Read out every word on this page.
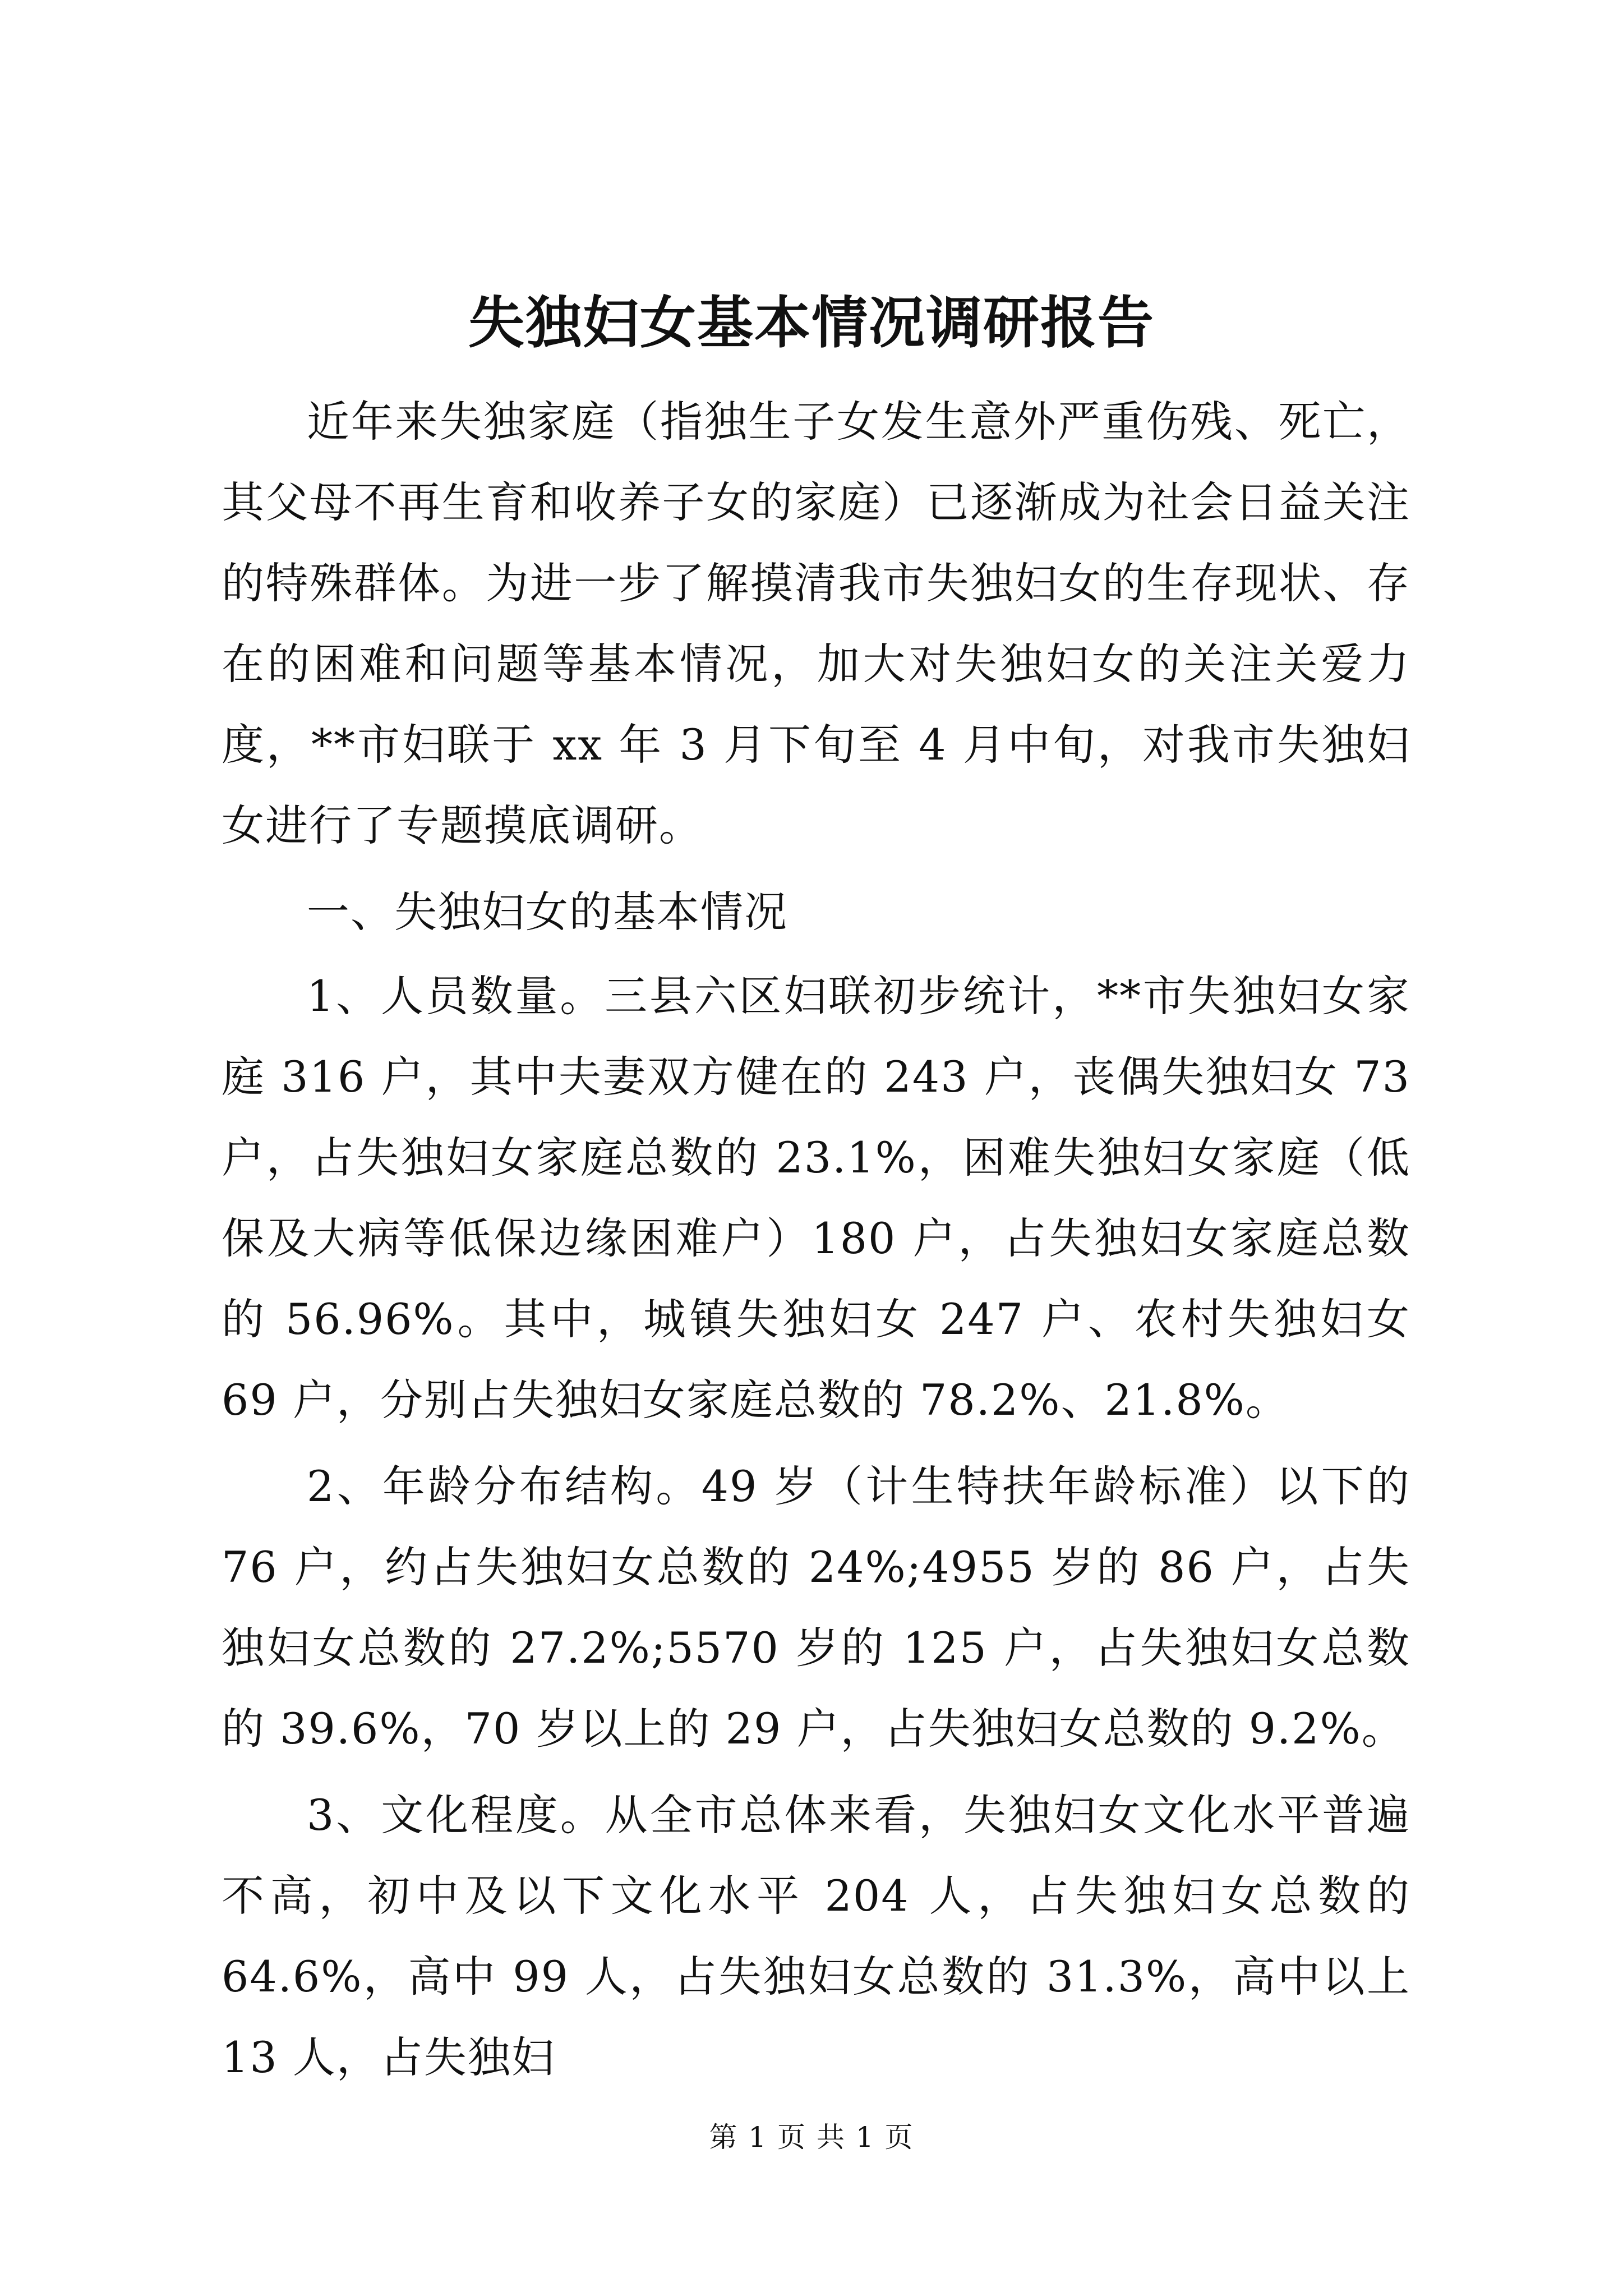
失独妇女基本情况调研报告

近年来失独家庭（指独生子女发生意外严重伤残、死亡，其父母不再生育和收养子女的家庭）已逐渐成为社会日益关注的特殊群体。为进一步了解摸清我市失独妇女的生存现状、存在的困难和问题等基本情况，加大对失独妇女的关注关爱力度，**市妇联于 xx 年 3 月下旬至 4 月中旬，对我市失独妇女进行了专题摸底调研。

一、失独妇女的基本情况

1、人员数量。三县六区妇联初步统计，**市失独妇女家庭 316 户，其中夫妻双方健在的 243 户，丧偶失独妇女 73 户，占失独妇女家庭总数的 23.1%，困难失独妇女家庭（低保及大病等低保边缘困难户）180 户，占失独妇女家庭总数的 56.96%。其中，城镇失独妇女 247 户、农村失独妇女 69 户，分别占失独妇女家庭总数的 78.2%、21.8%。

2、年龄分布结构。49 岁（计生特扶年龄标准）以下的 76 户，约占失独妇女总数的 24%;4955 岁的 86 户，占失独妇女总数的 27.2%;5570 岁的 125 户，占失独妇女总数的 39.6%，70 岁以上的 29 户，占失独妇女总数的 9.2%。

3、文化程度。从全市总体来看，失独妇女文化水平普遍不高，初中及以下文化水平 204 人，占失独妇女总数的 64.6%，高中 99 人，占失独妇女总数的 31.3%，高中以上 13 人，占失独妇

第 1 页 共 1 页
